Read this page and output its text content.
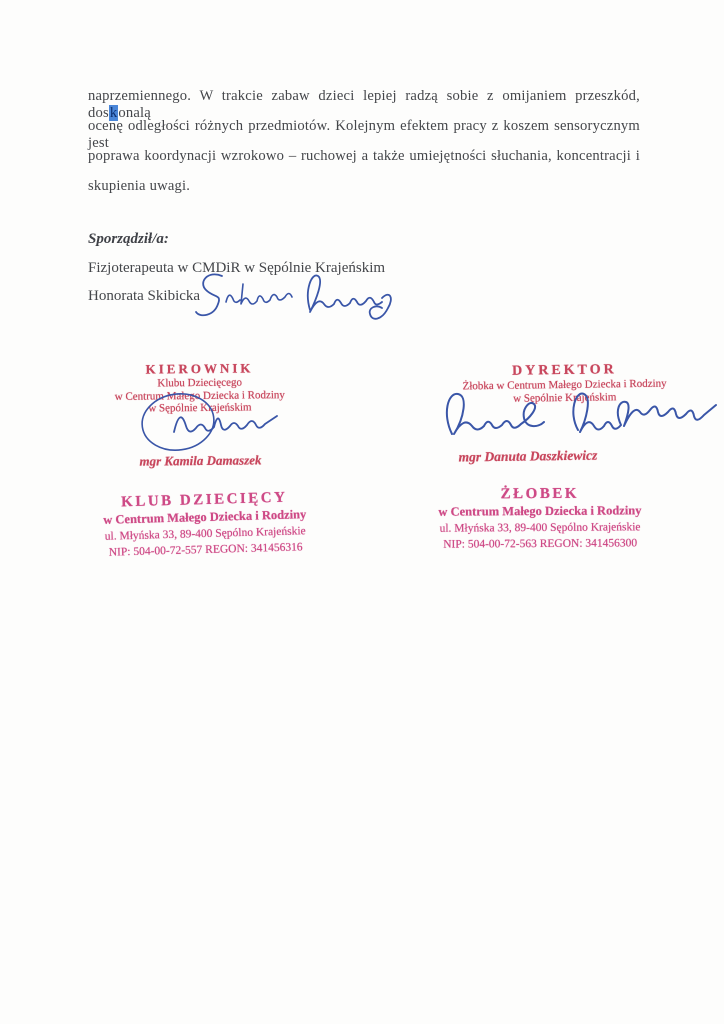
naprzemiennego. W trakcie zabaw dzieci lepiej radzą sobie z omijaniem przeszkód, doskonalą
ocenę odległości różnych przedmiotów. Kolejnym efektem pracy z koszem sensorycznym jest
poprawa koordynacji wzrokowo – ruchowej a także umiejętności słuchania, koncentracji i
skupienia uwagi.
Sporządził/a:
Fizjoterapeuta w CMDiR w Sępólnie Krajeńskim
Honorata Skibicka
KIEROWNIK
Klubu Dziecięcego
w Centrum Małego Dziecka i Rodziny
w Sępólnie Krajeńskim
mgr Kamila Damaszek
DYREKTOR
Żłobka w Centrum Małego Dziecka i Rodziny
w Sępólnie Krajeńskim
mgr Danuta Daszkiewicz
KLUB DZIECIĘCY
w Centrum Małego Dziecka i Rodziny
ul. Młyńska 33, 89-400 Sępólno Krajeńskie
NIP: 504-00-72-557 REGON: 341456316
ŻŁOBEK
w Centrum Małego Dziecka i Rodziny
ul. Młyńska 33, 89-400 Sępólno Krajeńskie
NIP: 504-00-72-563 REGON: 341456300
